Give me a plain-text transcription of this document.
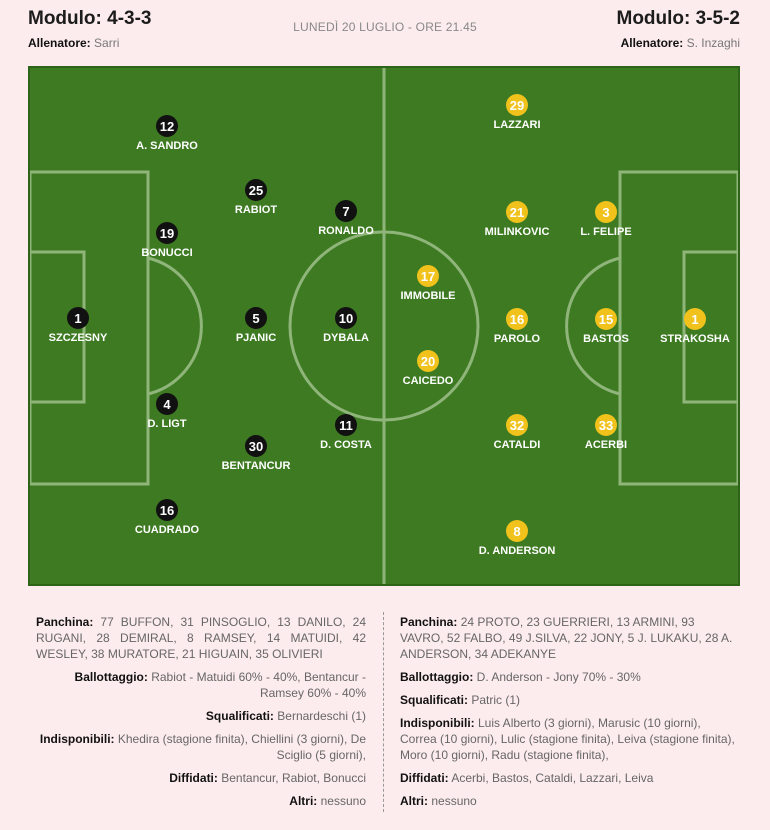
Modulo: 4-3-3
Allenatore: Sarri
LUNEDÌ 20 LUGLIO - ORE 21.45	Modulo: 3-5-2
Allenatore: S. Inzaghi
12
A. SANDRO
25
RABIOT	7
RONALDO
19
BONUCCI
1
SZCZESNY
5
PJANIC
10
DYBALA
4
D. LIGT	11
D. COSTA
30
BENTANCUR
16
CUADRADO
29
LAZZARI
21
MILINKOVIC
3
L. FELIPE
17
IMMOBILE
16
PAROLO
15
BASTOS
1
STRAKOSHA
20
CAICEDO
32
CATALDI
33
ACERBI
8
D. ANDERSON
Panchina: 77 BUFFON, 31 PINSOGLIO, 13 DANILO, 24 RUGANI, 28 DEMIRAL, 8 RAMSEY, 14 MATUIDI, 42 WESLEY, 38 MURATORE, 21 HIGUAIN, 35 OLIVIERI
Ballottaggio: Rabiot - Matuidi 60% - 40%, Bentancur - Ramsey 60% - 40%
Squalificati: Bernardeschi (1)
Indisponibili: Khedira (stagione finita), Chiellini (3 giorni), De Sciglio (5 giorni),
Diffidati: Bentancur, Rabiot, Bonucci
Altri: nessuno
Panchina: 24 PROTO, 23 GUERRIERI, 13 ARMINI, 93 VAVRO, 52 FALBO, 49 J.SILVA, 22 JONY, 5 J. LUKAKU, 28 A. ANDERSON, 34 ADEKANYE
Ballottaggio: D. Anderson - Jony 70% - 30%
Squalificati: Patric (1)
Indisponibili: Luis Alberto (3 giorni), Marusic (10 giorni), Correa (10 giorni), Lulic (stagione finita), Leiva (stagione finita), Moro (10 giorni), Radu (stagione finita),
Diffidati: Acerbi, Bastos, Cataldi, Lazzari, Leiva
Altri: nessuno
